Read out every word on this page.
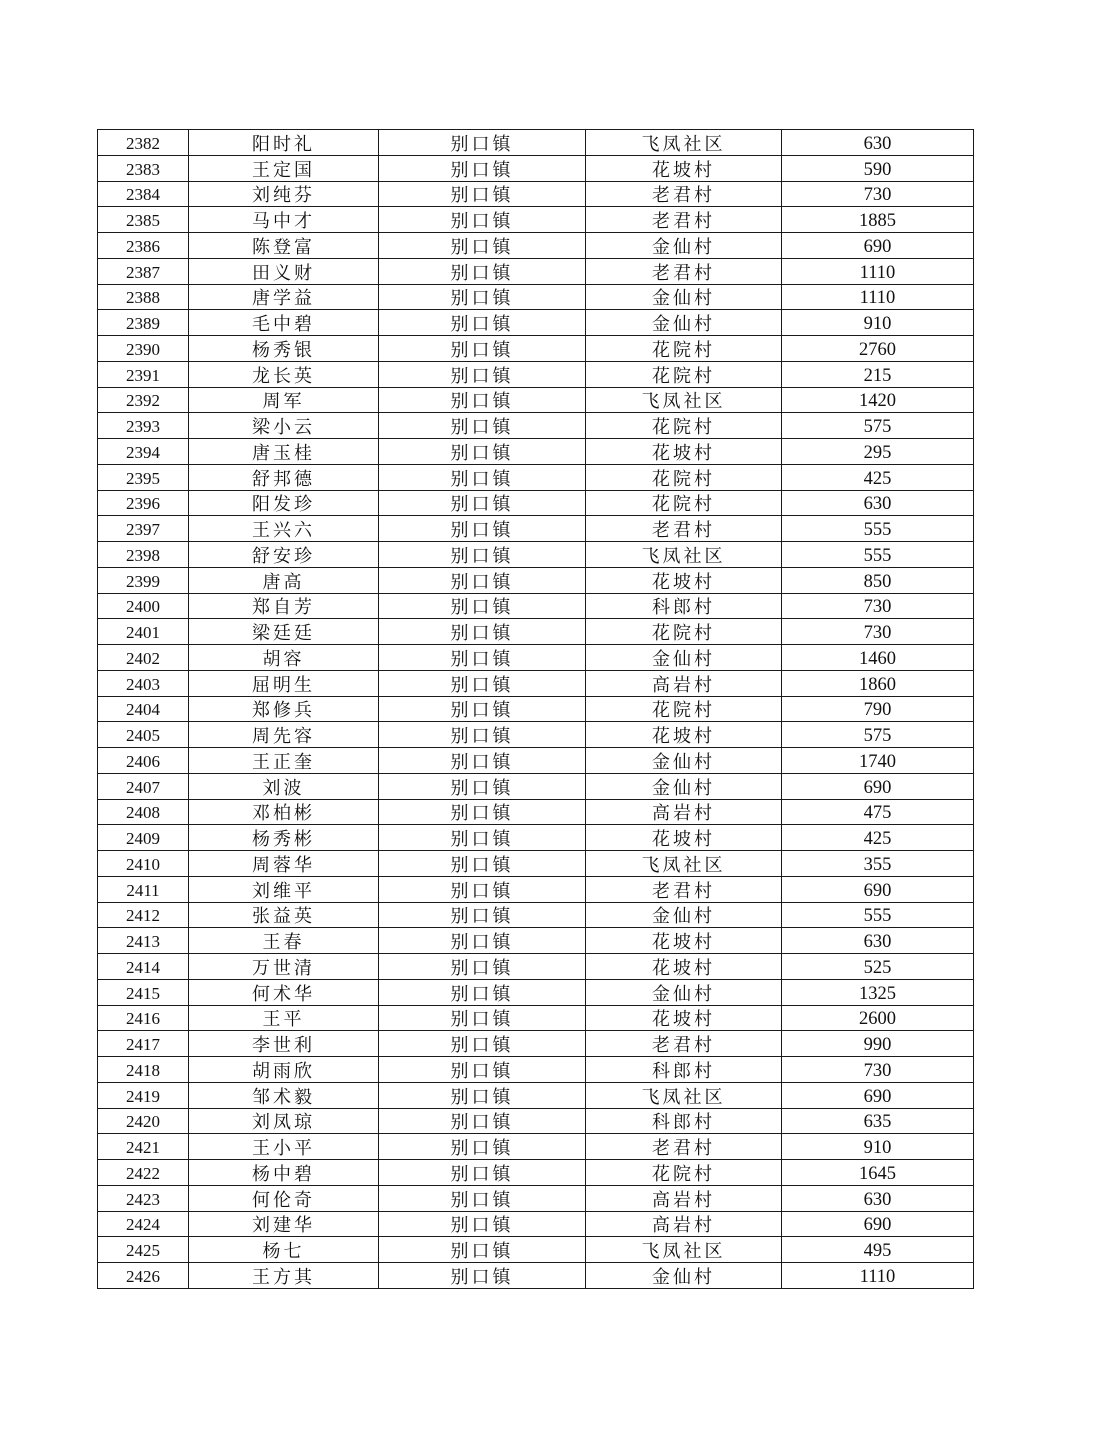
2382	阳时礼	别口镇	飞凤社区	630
2383	王定国	别口镇	花坡村	590
2384	刘纯芬	别口镇	老君村	730
2385	马中才	别口镇	老君村	1885
2386	陈登富	别口镇	金仙村	690
2387	田义财	别口镇	老君村	1110
2388	唐学益	别口镇	金仙村	1110
2389	毛中碧	别口镇	金仙村	910
2390	杨秀银	别口镇	花院村	2760
2391	龙长英	别口镇	花院村	215
2392	周军	别口镇	飞凤社区	1420
2393	梁小云	别口镇	花院村	575
2394	唐玉桂	别口镇	花坡村	295
2395	舒邦德	别口镇	花院村	425
2396	阳发珍	别口镇	花院村	630
2397	王兴六	别口镇	老君村	555
2398	舒安珍	别口镇	飞凤社区	555
2399	唐高	别口镇	花坡村	850
2400	郑自芳	别口镇	科郎村	730
2401	梁廷廷	别口镇	花院村	730
2402	胡容	别口镇	金仙村	1460
2403	屈明生	别口镇	高岩村	1860
2404	郑修兵	别口镇	花院村	790
2405	周先容	别口镇	花坡村	575
2406	王正奎	别口镇	金仙村	1740
2407	刘波	别口镇	金仙村	690
2408	邓柏彬	别口镇	高岩村	475
2409	杨秀彬	别口镇	花坡村	425
2410	周蓉华	别口镇	飞凤社区	355
2411	刘维平	别口镇	老君村	690
2412	张益英	别口镇	金仙村	555
2413	王春	别口镇	花坡村	630
2414	万世清	别口镇	花坡村	525
2415	何术华	别口镇	金仙村	1325
2416	王平	别口镇	花坡村	2600
2417	李世利	别口镇	老君村	990
2418	胡雨欣	别口镇	科郎村	730
2419	邹术毅	别口镇	飞凤社区	690
2420	刘凤琼	别口镇	科郎村	635
2421	王小平	别口镇	老君村	910
2422	杨中碧	别口镇	花院村	1645
2423	何伦奇	别口镇	高岩村	630
2424	刘建华	别口镇	高岩村	690
2425	杨七	别口镇	飞凤社区	495
2426	王方其	别口镇	金仙村	1110
